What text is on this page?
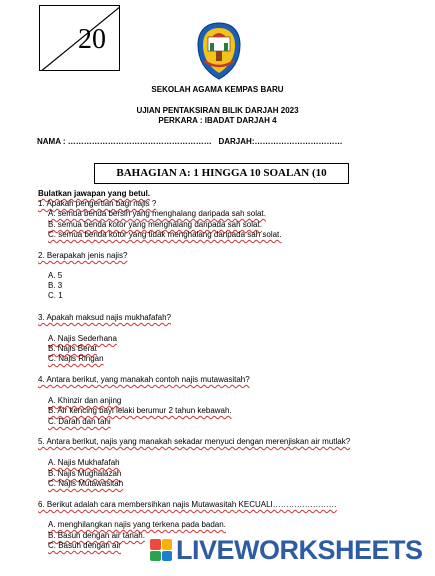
20
SEKOLAH AGAMA KEMPAS BARU
UJIAN PENTAKSIRAN BILIK DARJAH 2023
PERKARA : IBADAT DARJAH 4
NAMA : ………………………………………………   DARJAH:……………………………
BAHAGIAN A: 1 HINGGA 10 SOALAN (10
Bulatkan jawapan yang betul.
1. Apakah pengertian bagi najis ?
A. semua benda bersih yang menghalang daripada sah solat.
B. semua benda kotor yang menghalang daripada sah solat.
C. semua benda kotor yang tidak menghalang daripada sah solat.
2. Berapakah jenis najis?
A. 5
B. 3
C. 1
3. Apakah maksud najis mukhafafah?
A. Najis Sederhana
B. Najis Berat
C. Najis Ringan
4. Antara berikut, yang manakah contoh najis mutawasitah?
A. Khinzir dan anjing
B. Air kencing bayi lelaki berumur 2 tahun kebawah.
C. Darah dan tahi
5. Antara berikut, najis yang manakah sekadar menyuci dengan merenjiskan air mutlak?
A. Najis Mukhafafah
B. Najis Mughalazah
C. Najis Mutawasitah
6. Berikut adalah cara membersihkan najis Mutawasitah KECUALI……………………
A. menghilangkan najis yang terkena pada badan.
B. Basuh dengan air tanah.
C. Basuh dengan air LIVEWORKSHEETS
